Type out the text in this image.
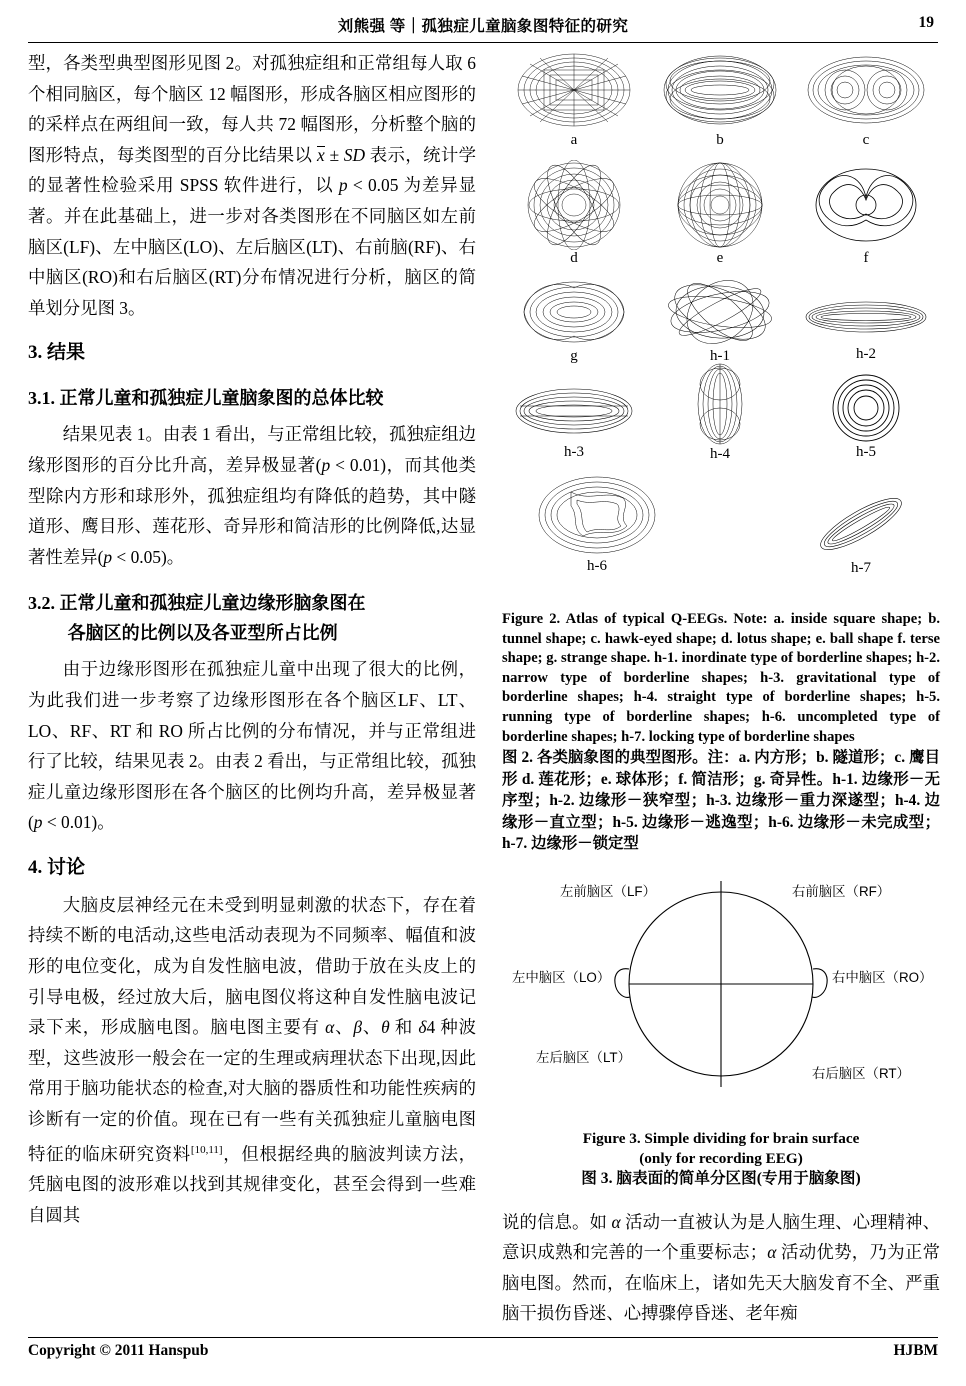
刘熊强 等｜孤独症儿童脑象图特征的研究	19

型，各类型典型图形见图 2。对孤独症组和正常组每人取 6 个相同脑区，每个脑区 12 幅图形，形成各脑区相应图形的的采样点在两组间一致，每人共 72 幅图形，分析整个脑的图形特点，每类图型的百分比结果以 x ± SD 表示，统计学的显著性检验采用 SPSS 软件进行，以 p < 0.05 为差异显著。并在此基础上，进一步对各类图形在不同脑区如左前脑区(LF)、左中脑区(LO)、左后脑区(LT)、右前脑(RF)、右中脑区(RO)和右后脑区(RT)分布情况进行分析，脑区的简单划分见图 3。

3. 结果
3.1. 正常儿童和孤独症儿童脑象图的总体比较

结果见表 1。由表 1 看出，与正常组比较，孤独症组边缘形图形的百分比升高，差异极显著(p < 0.01)，而其他类型除内方形和球形外，孤独症组均有降低的趋势，其中隧道形、鹰目形、莲花形、奇异形和简洁形的比例降低,达显著性差异(p < 0.05)。

3.2. 正常儿童和孤独症儿童边缘形脑象图在
各脑区的比例以及各亚型所占比例

由于边缘形图形在孤独症儿童中出现了很大的比例，为此我们进一步考察了边缘形图形在各个脑区LF、LT、LO、RF、RT 和 RO 所占比例的分布情况，并与正常组进行了比较，结果见表 2。由表 2 看出，与正常组比较，孤独症儿童边缘形图形在各个脑区的比例均升高，差异极显著(p < 0.01)。

4. 讨论

大脑皮层神经元在未受到明显刺激的状态下，存在着持续不断的电活动,这些电活动表现为不同频率、幅值和波形的电位变化，成为自发性脑电波，借助于放在头皮上的引导电极，经过放大后，脑电图仪将这种自发性脑电波记录下来，形成脑电图。脑电图主要有 α、β、θ 和 δ4 种波型，这些波形一般会在一定的生理或病理状态下出现,因此常用于脑功能状态的检查,对大脑的器质性和功能性疾病的诊断有一定的价值。现在已有一些有关孤独症儿童脑电图特征的临床研究资料[10,11]，但根据经典的脑波判读方法，凭脑电图的波形难以找到其规律变化，甚至会得到一些难自圆其

a	b	c
d	e	f
g	h-1	h-2
h-3	h-4	h-5
h-6	h-7

Figure 2. Atlas of typical Q-EEGs. Note: a. inside square shape; b. tunnel shape; c. hawk-eyed shape; d. lotus shape; e. ball shape f. terse shape; g. strange shape. h-1. inordinate type of borderline shapes; h-2. narrow type of borderline shapes; h-3. gravitational type of borderline shapes; h-4. straight type of borderline shapes; h-5. running type of borderline shapes; h-6. uncompleted type of borderline shapes; h-7. locking type of borderline shapes

图 2. 各类脑象图的典型图形。注：a. 内方形；b. 隧道形；c. 鹰目形 d. 莲花形；e. 球体形；f. 简洁形；g. 奇异性。h-1. 边缘形－无序型；h-2. 边缘形－狭窄型；h-3. 边缘形－重力深遂型；h-4. 边缘形－直立型；h-5. 边缘形－逃逸型；h-6. 边缘形－未完成型；h-7. 边缘形－锁定型

左前脑区（LF）	右前脑区（RF）
左中脑区（LO）	右中脑区（RO）
左后脑区（LT）
右后脑区（RT）
Figure 3. Simple dividing for brain surface
(only for recording EEG)
图 3. 脑表面的简单分区图(专用于脑象图)

说的信息。如 α 活动一直被认为是人脑生理、心理精神、意识成熟和完善的一个重要标志；α 活动优势，乃为正常脑电图。然而，在临床上，诸如先天大脑发育不全、严重脑干损伤昏迷、心搏骤停昏迷、老年痴

Copyright © 2011 Hanspub	HJBM
